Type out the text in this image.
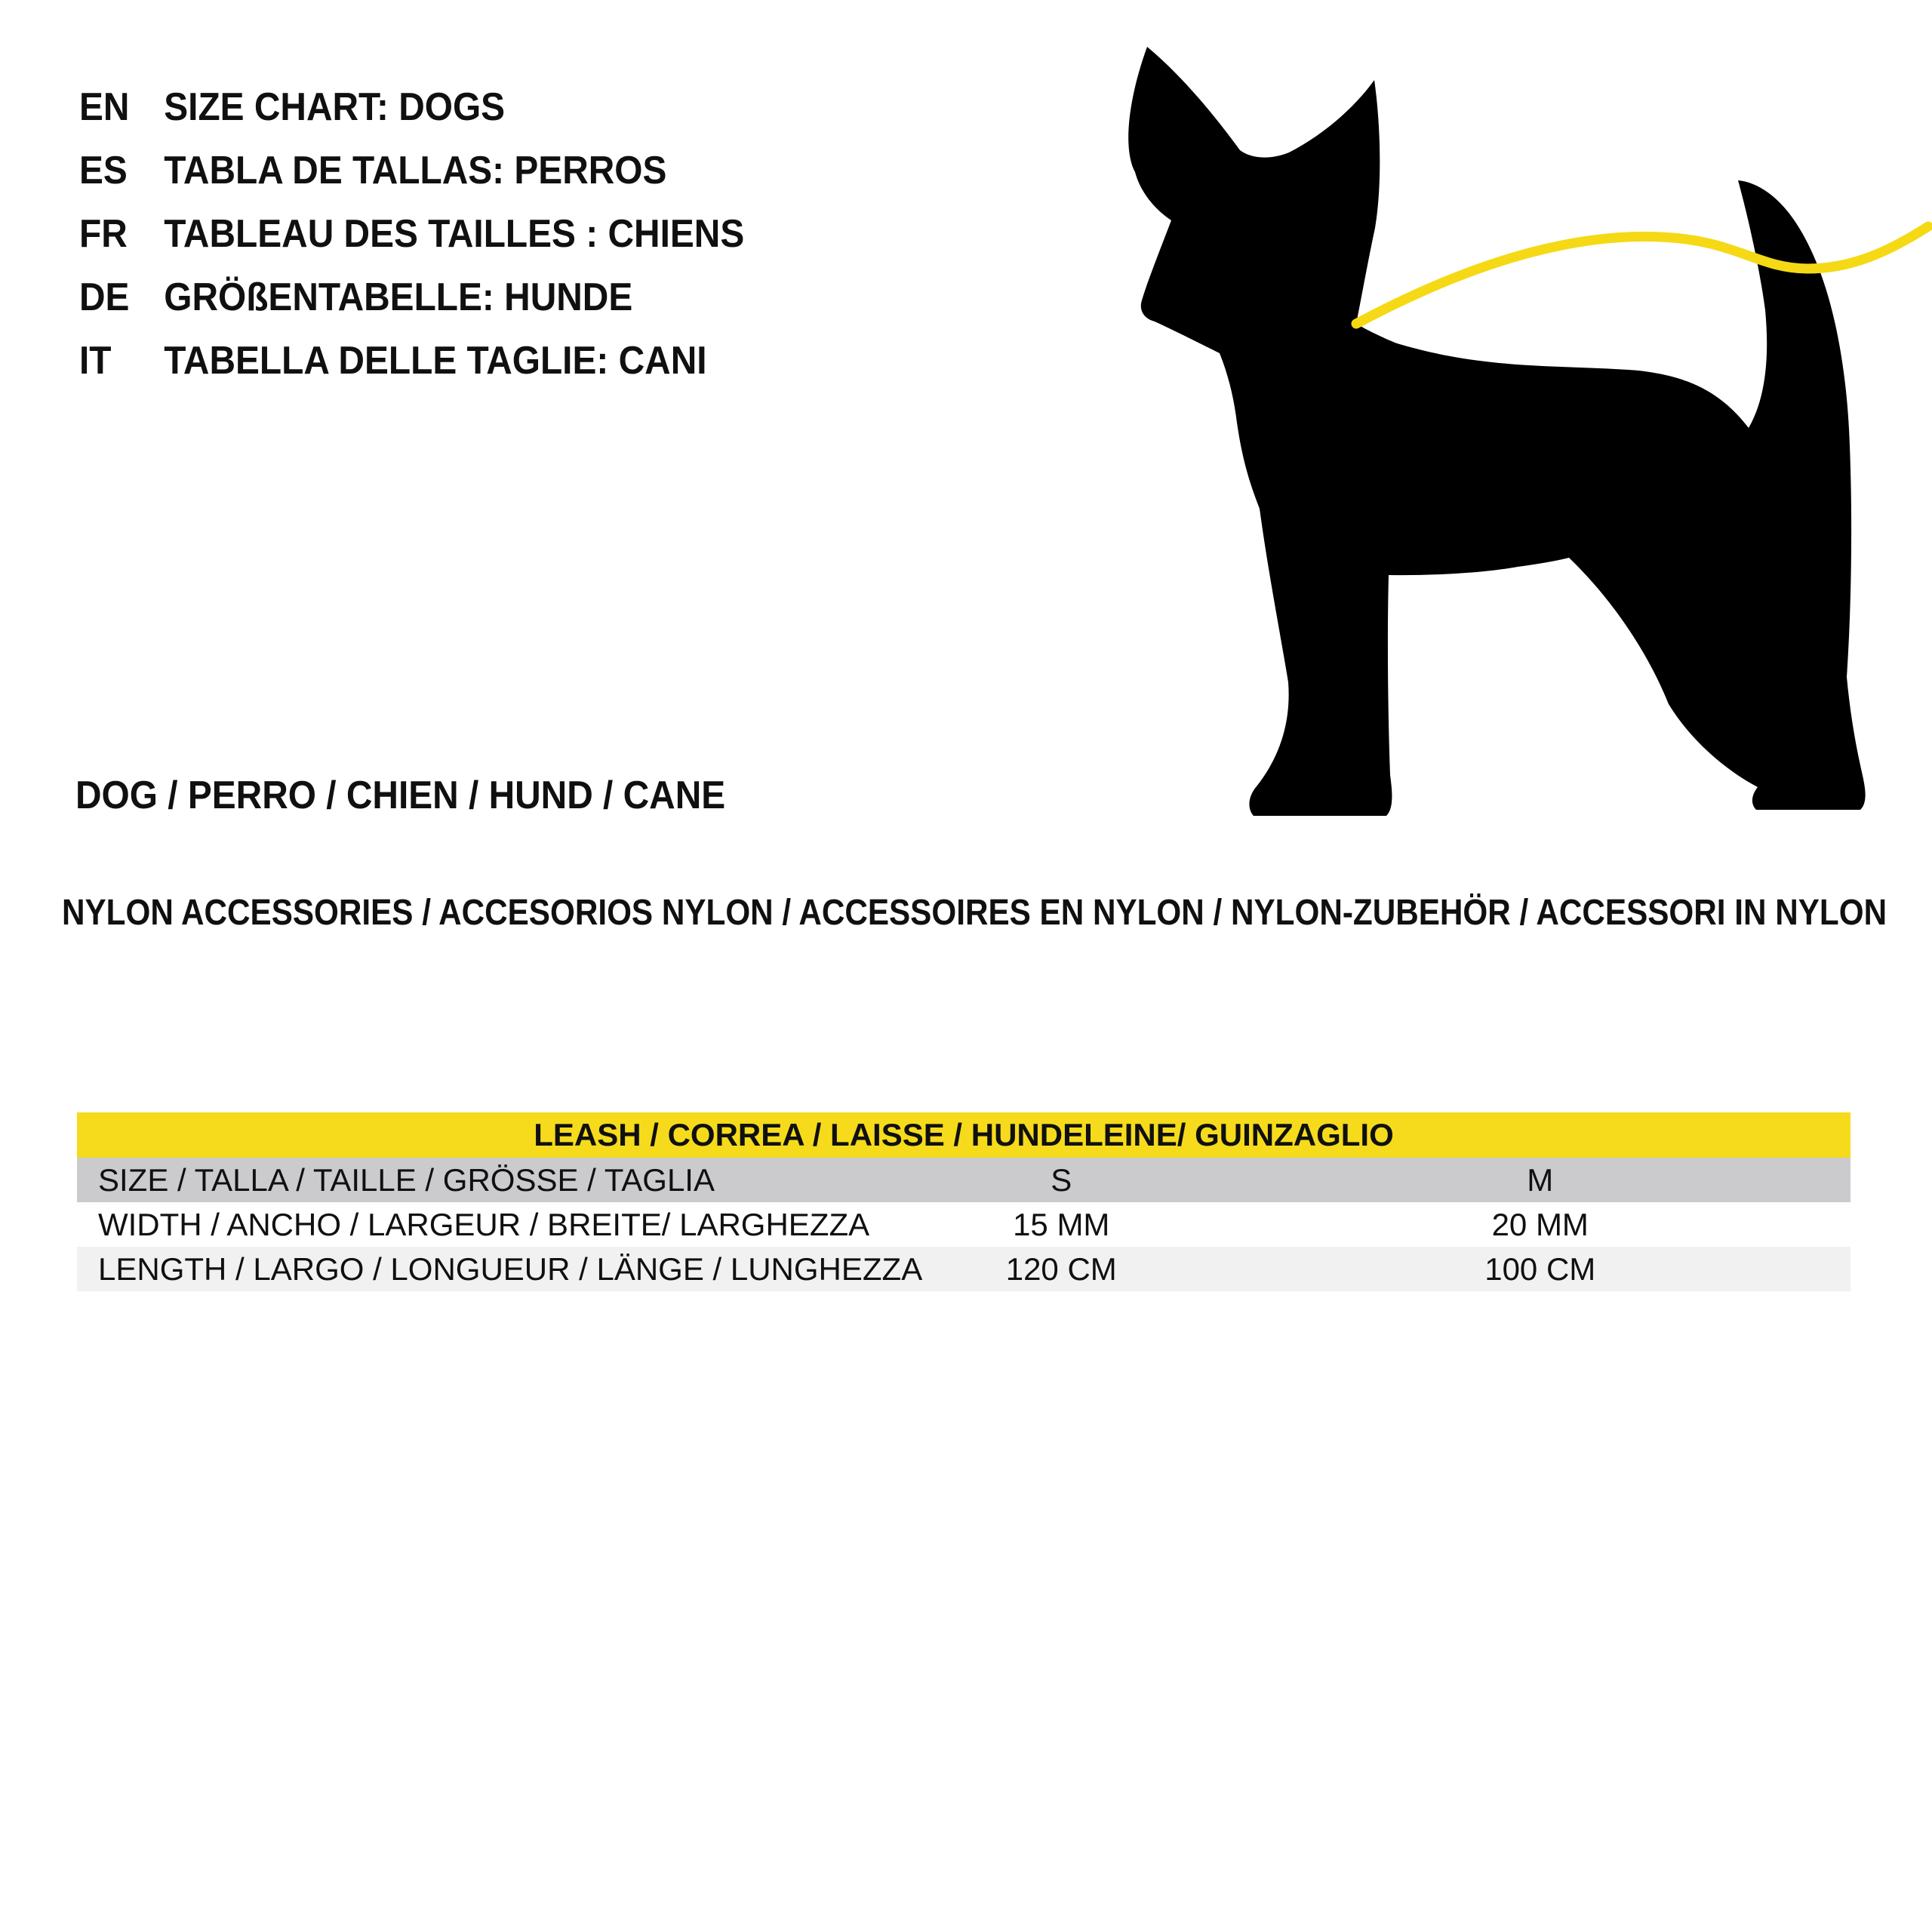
EN SIZE CHART: DOGS
ES TABLA DE TALLAS: PERROS
FR TABLEAU DES TAILLES : CHIENS
DE GRÖßENTABELLE: HUNDE
IT	TABELLA DELLE TAGLIE: CANI
DOG / PERRO / CHIEN / HUND / CANE
NYLON ACCESSORIES / ACCESORIOS NYLON / ACCESSOIRES EN NYLON / NYLON-ZUBEHÖR / ACCESSORI IN NYLON
LEASH / CORREA / LAISSE / HUNDELEINE/ GUINZAGLIO
SIZE / TALLA / TAILLE / GRÖSSE / TAGLIA	S	M
WIDTH / ANCHO / LARGEUR / BREITE/ LARGHEZZA	15 MM	20 MM
LENGTH / LARGO / LONGUEUR / LÄNGE / LUNGHEZZA	120 CM	100 CM
